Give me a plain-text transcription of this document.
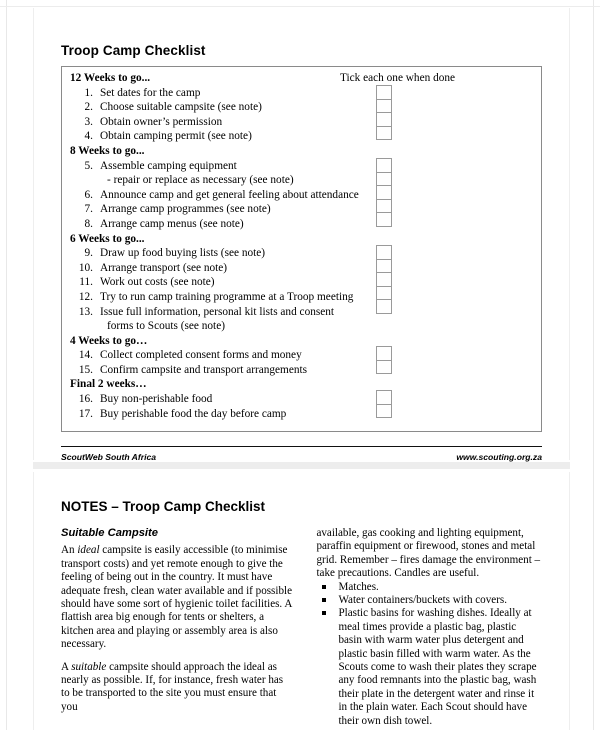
Troop Camp Checklist
Tick each one when done
12 Weeks to go...
1. Set dates for the camp
2. Choose suitable campsite (see note)
3. Obtain owner’s permission
4. Obtain camping permit (see note)
8 Weeks to go...
5. Assemble camping equipment
- repair or replace as necessary (see note)
6. Announce camp and get general feeling about attendance
7. Arrange camp programmes (see note)
8. Arrange camp menus (see note)
6 Weeks to go...
9. Draw up food buying lists (see note)
10. Arrange transport (see note)
11. Work out costs (see note)
12. Try to run camp training programme at a Troop meeting
13. Issue full information, personal kit lists and consent
forms to Scouts (see note)
4 Weeks to go…
14. Collect completed consent forms and money
15. Confirm campsite and transport arrangements
Final 2 weeks…
16. Buy non-perishable food
17. Buy perishable food the day before camp
ScoutWeb South Africa	www.scouting.org.za
NOTES – Troop Camp Checklist
Suitable Campsite

An ideal campsite is easily accessible (to minimise transport costs) and yet remote enough to give the feeling of being out in the country. It must have adequate fresh, clean water available and if possible should have some sort of hygienic toilet facilities. A flattish area big enough for tents or shelters, a kitchen area and playing or assembly area is also necessary.

A suitable campsite should approach the ideal as nearly as possible. If, for instance, fresh water has to be transported to the site you must ensure that you

available, gas cooking and lighting equipment, paraffin equipment or firewood, stones and metal grid. Remember – fires damage the environment – take precautions. Candles are useful.

Matches.
Water containers/buckets with covers.
Plastic basins for washing dishes. Ideally at meal times provide a plastic bag, plastic basin with warm water plus detergent and plastic basin filled with warm water. As the Scouts come to wash their plates they scrape any food remnants into the plastic bag, wash their plate in the detergent water and rinse it in the plain water. Each Scout should have their own dish towel.
